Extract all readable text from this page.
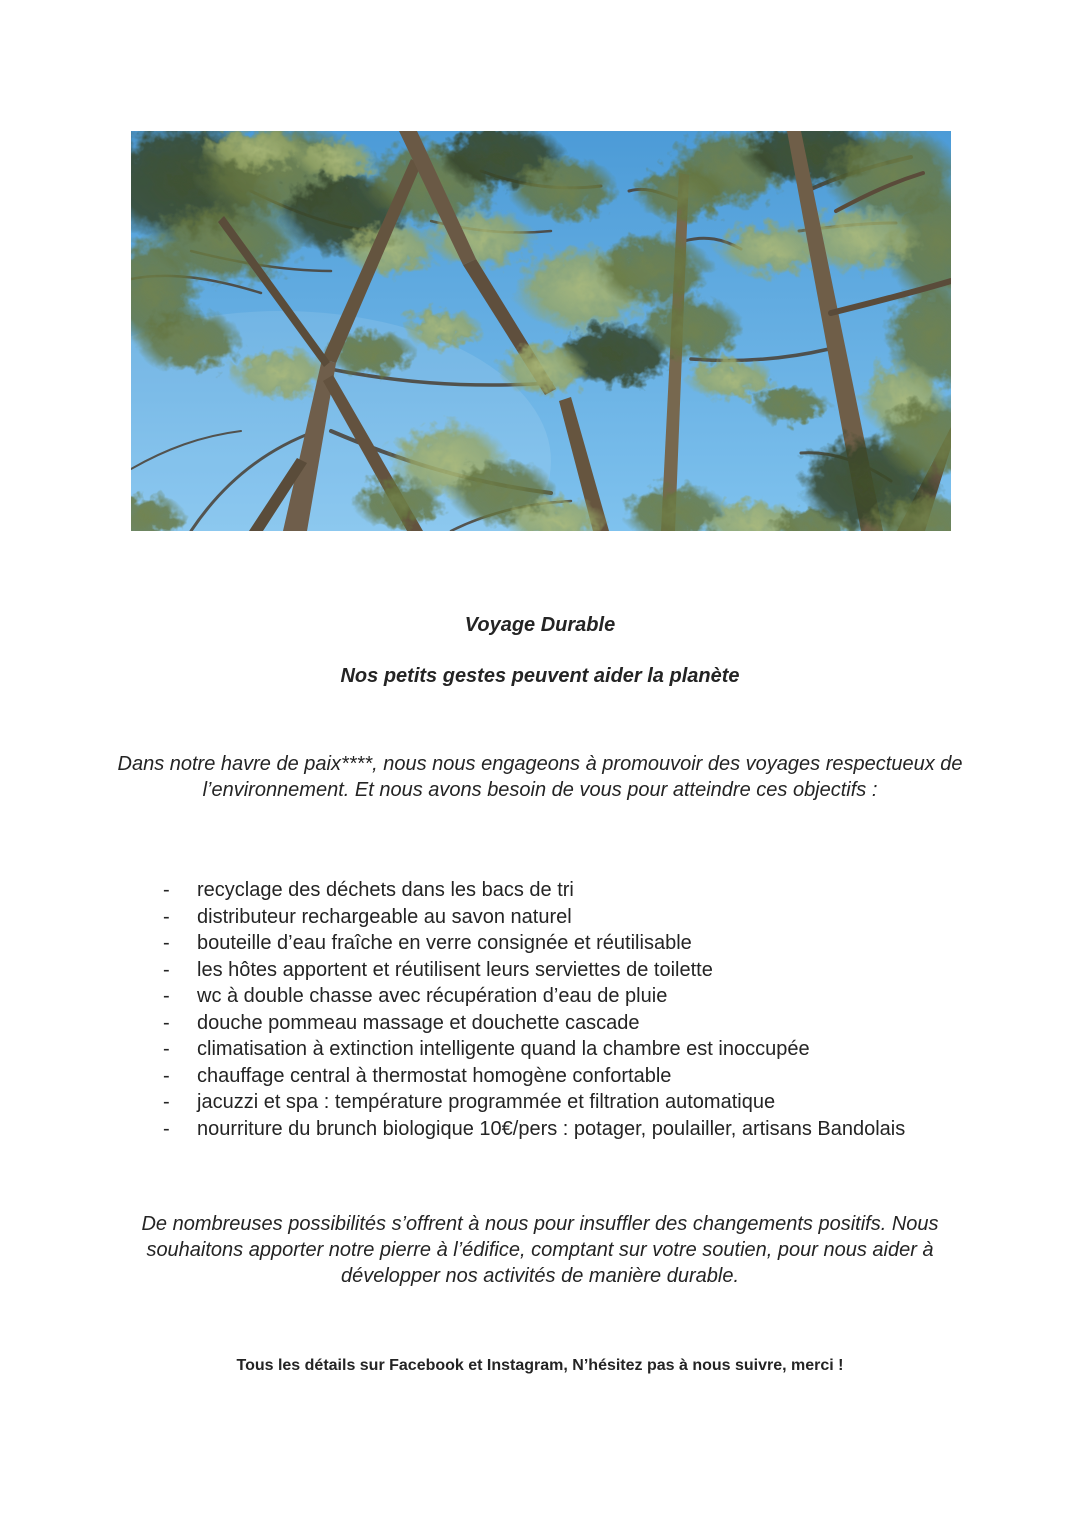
Voyage Durable
Nos petits gestes peuvent aider la planète

Dans notre havre de paix****, nous nous engageons à promouvoir des voyages respectueux de l’environnement. Et nous avons besoin de vous pour atteindre ces objectifs :

-	recyclage des déchets dans les bacs de tri
-	distributeur rechargeable au savon naturel
-	bouteille d’eau fraîche en verre consignée et réutilisable
-	les hôtes apportent et réutilisent leurs serviettes de toilette
-	wc à double chasse avec récupération d’eau de pluie
-	douche pommeau massage et douchette cascade
-	climatisation à extinction intelligente quand la chambre est inoccupée
-	chauffage central à thermostat homogène confortable
-	jacuzzi et spa : température programmée et filtration automatique
-	nourriture du brunch biologique 10€/pers : potager, poulailler, artisans Bandolais

De nombreuses possibilités s’offrent à nous pour insuffler des changements positifs. Nous souhaitons apporter notre pierre à l’édifice, comptant sur votre soutien, pour nous aider à développer nos activités de manière durable.

Tous les détails sur Facebook et Instagram, N’hésitez pas à nous suivre, merci !
